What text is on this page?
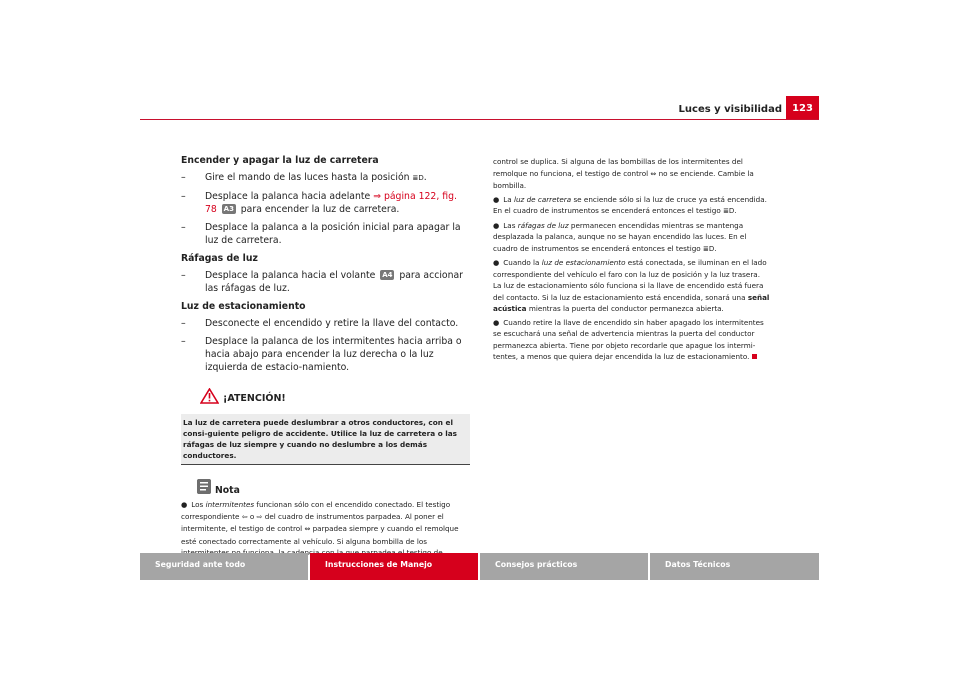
Luces y visibilidad	123
Encender y apagar la luz de carretera
– Gire el mando de las luces hasta la posición ≣D.
– Desplace la palanca hacia adelante ⇒ página 122, fig. 78 A3 para encender la luz de carretera.
– Desplace la palanca a la posición inicial para apagar la luz de carretera.
Ráfagas de luz
– Desplace la palanca hacia el volante A4 para accionar las ráfagas de luz.
Luz de estacionamiento
– Desconecte el encendido y retire la llave del contacto.
– Desplace la palanca de los intermitentes hacia arriba o hacia abajo para encender la luz derecha o la luz izquierda de estacio-namiento.
¡ATENCIÓN!
La luz de carretera puede deslumbrar a otros conductores, con el consi-guiente peligro de accidente. Utilice la luz de carretera o las ráfagas de luz siempre y cuando no deslumbre a los demás conductores.
Nota
● Los intermitentes funcionan sólo con el encendido conectado. El testigo correspondiente ⇦ o ⇨ del cuadro de instrumentos parpadea. Al poner el intermitente, el testigo de control ⇔ parpadea siempre y cuando el remolque esté conectado correctamente al vehículo. Si alguna bombilla de los
control se duplica. Si alguna de las bombillas de los intermitentes del remolque no funciona, el testigo de control ⇔ no se enciende. Cambie la bombilla.
● La luz de carretera se enciende sólo si la luz de cruce ya está encendida. En el cuadro de instrumentos se encenderá entonces el testigo ≣D.
● Las ráfagas de luz permanecen encendidas mientras se mantenga desplazada la palanca, aunque no se hayan encendido las luces. En el cuadro de instrumentos se encenderá entonces el testigo ≣D.
● Cuando la luz de estacionamiento está conectada, se iluminan en el lado correspondiente del vehículo el faro con la luz de posición y la luz trasera. La luz de estacionamiento sólo funciona si la llave de encendido está fuera del contacto. Si la luz de estacionamiento está encendida, sonará una señal acústica mientras la puerta del conductor permanezca abierta.
● Cuando retire la llave de encendido sin haber apagado los intermitentes se escuchará una señal de advertencia mientras la puerta del conductor permanezca abierta. Tiene por objeto recordarle que apague los intermi-tentes, a menos que quiera dejar encendida la luz de estacionamiento.
Seguridad ante todo	Instrucciones de Manejo	Consejos prácticos	Datos Técnicos
